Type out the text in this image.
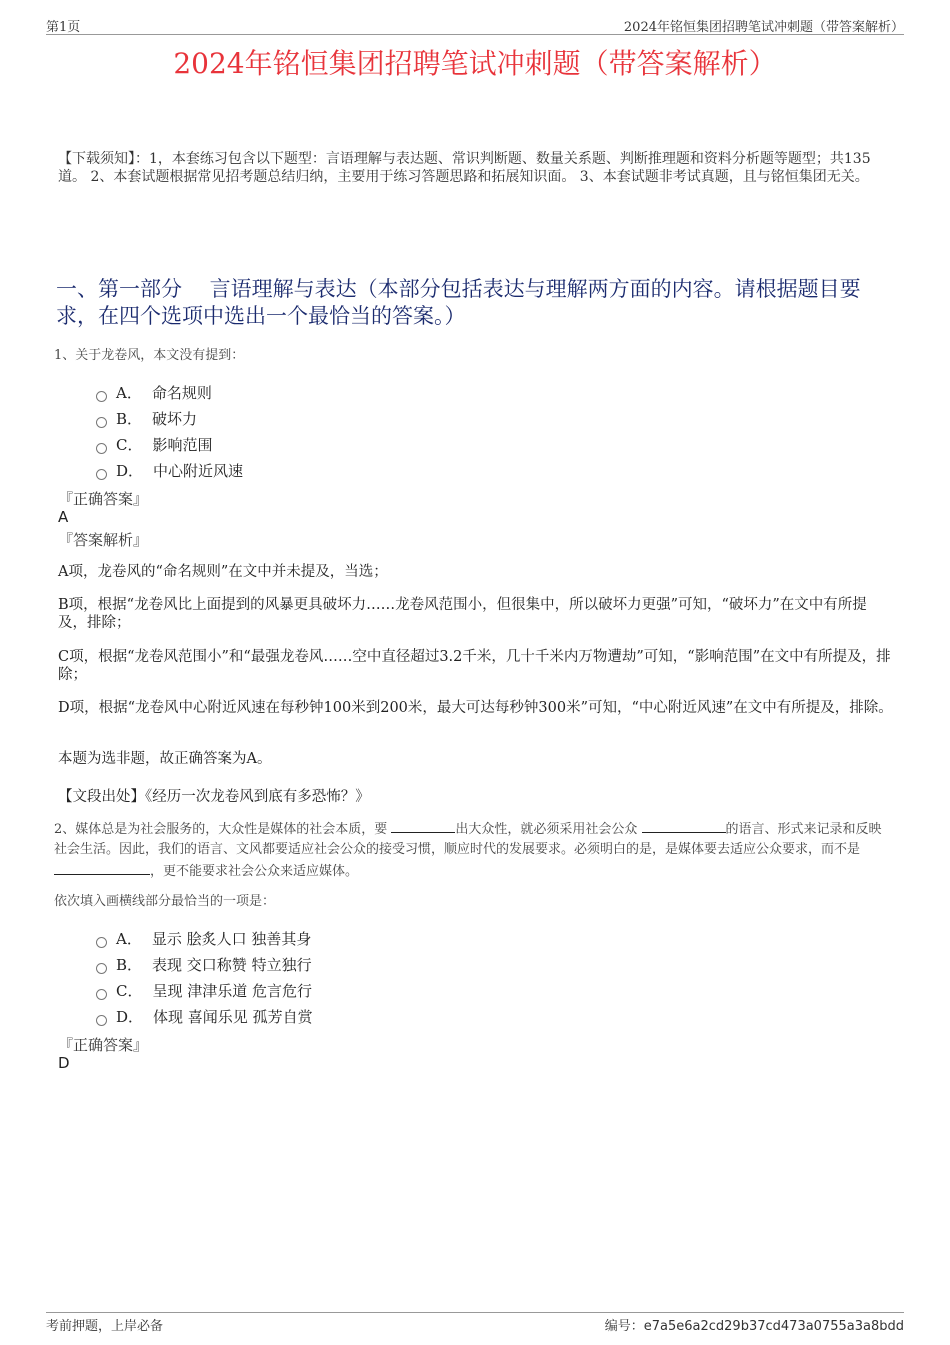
第1页	2024年铭恒集团招聘笔试冲刺题（带答案解析）
2024年铭恒集团招聘笔试冲刺题（带答案解析）
【下载须知】：1，本套练习包含以下题型：言语理解与表达题、常识判断题、数量关系题、判断推理题和资料分析题等题型；共135道。 2、本套试题根据常见招考题总结归纳，主要用于练习答题思路和拓展知识面。 3、本套试题非考试真题，且与铭恒集团无关。
一、第一部分　 言语理解与表达（本部分包括表达与理解两方面的内容。请根据题目要求，在四个选项中选出一个最恰当的答案。）
1、关于龙卷风，本文没有提到：
A． 命名规则
B． 破坏力
C． 影响范围
D． 中心附近风速
『正确答案』
A
『答案解析』
A项，龙卷风的“命名规则”在文中并未提及，当选；
B项，根据“龙卷风比上面提到的风暴更具破坏力……龙卷风范围小，但很集中，所以破坏力更强”可知，“破坏力”在文中有所提及，排除；
C项，根据“龙卷风范围小”和“最强龙卷风……空中直径超过3.2千米，几十千米内万物遭劫”可知，“影响范围”在文中有所提及，排除；
D项，根据“龙卷风中心附近风速在每秒钟100米到200米，最大可达每秒钟300米”可知，“中心附近风速”在文中有所提及，排除。
本题为选非题，故正确答案为A。
【文段出处】《经历一次龙卷风到底有多恐怖？》
2、媒体总是为社会服务的，大众性是媒体的社会本质，要	出大众性，就必须采用社会公众	的语言、形式来记录和反映社会生活。因此，我们的语言、文风都要适应社会公众的接受习惯，顺应时代的发展要求。必须明白的是，是媒体要去适应公众要求，而不是 ，更不能要求社会公众来适应媒体。
依次填入画横线部分最恰当的一项是：
A． 显示 脍炙人口 独善其身
B． 表现 交口称赞 特立独行
C． 呈现 津津乐道 危言危行
D． 体现 喜闻乐见 孤芳自赏
『正确答案』
D
考前押题，上岸必备	编号：e7a5e6a2cd29b37cd473a0755a3a8bdd
